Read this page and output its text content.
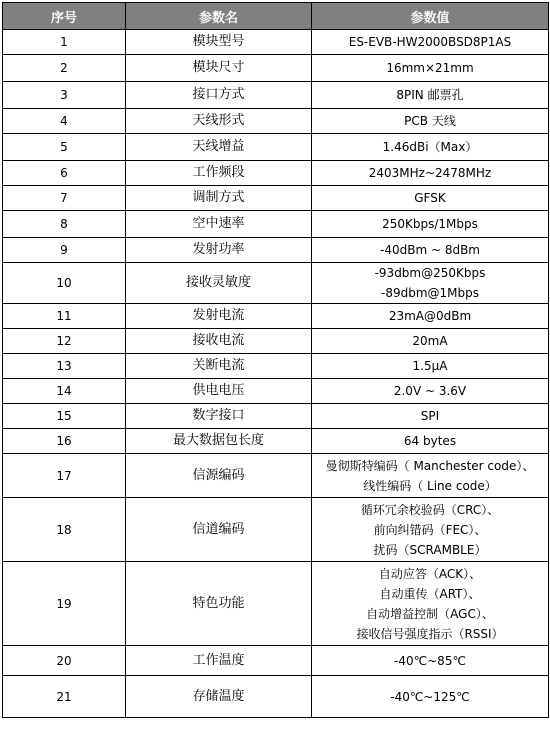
序号	参数名	参数值
1	模块型号	ES-EVB-HW2000BSD8P1AS

2	模块尺寸	16mm×21mm

3	接口方式	8PIN 邮票孔

4	天线形式	PCB 天线

5	天线增益	1.46dBi（Max）

6	工作频段	2403MHz~2478MHz

7	调制方式	GFSK

8	空中速率	250Kbps/1Mbps

9	发射功率	-40dBm ~ 8dBm

10	接收灵敏度	-93dbm@250Kbps
-89dbm@1Mbps

11	发射电流	23mA@0dBm

12	接收电流	20mA

13	关断电流	1.5μA

14	供电电压	2.0V ~ 3.6V

15	数字接口	SPI

16	最大数据包长度	64 bytes

17	信源编码	曼彻斯特编码（ Manchester code）、
线性编码（ Line code）

18	信道编码	循环冗余校验码（CRC）、
前向纠错码（FEC）、
扰码（SCRAMBLE）

19	特色功能	自动应答（ACK）、
自动重传（ART）、
自动增益控制（AGC）、
接收信号强度指示（RSSI）

20	工作温度	-40℃~85℃

21	存储温度	-40℃~125℃
